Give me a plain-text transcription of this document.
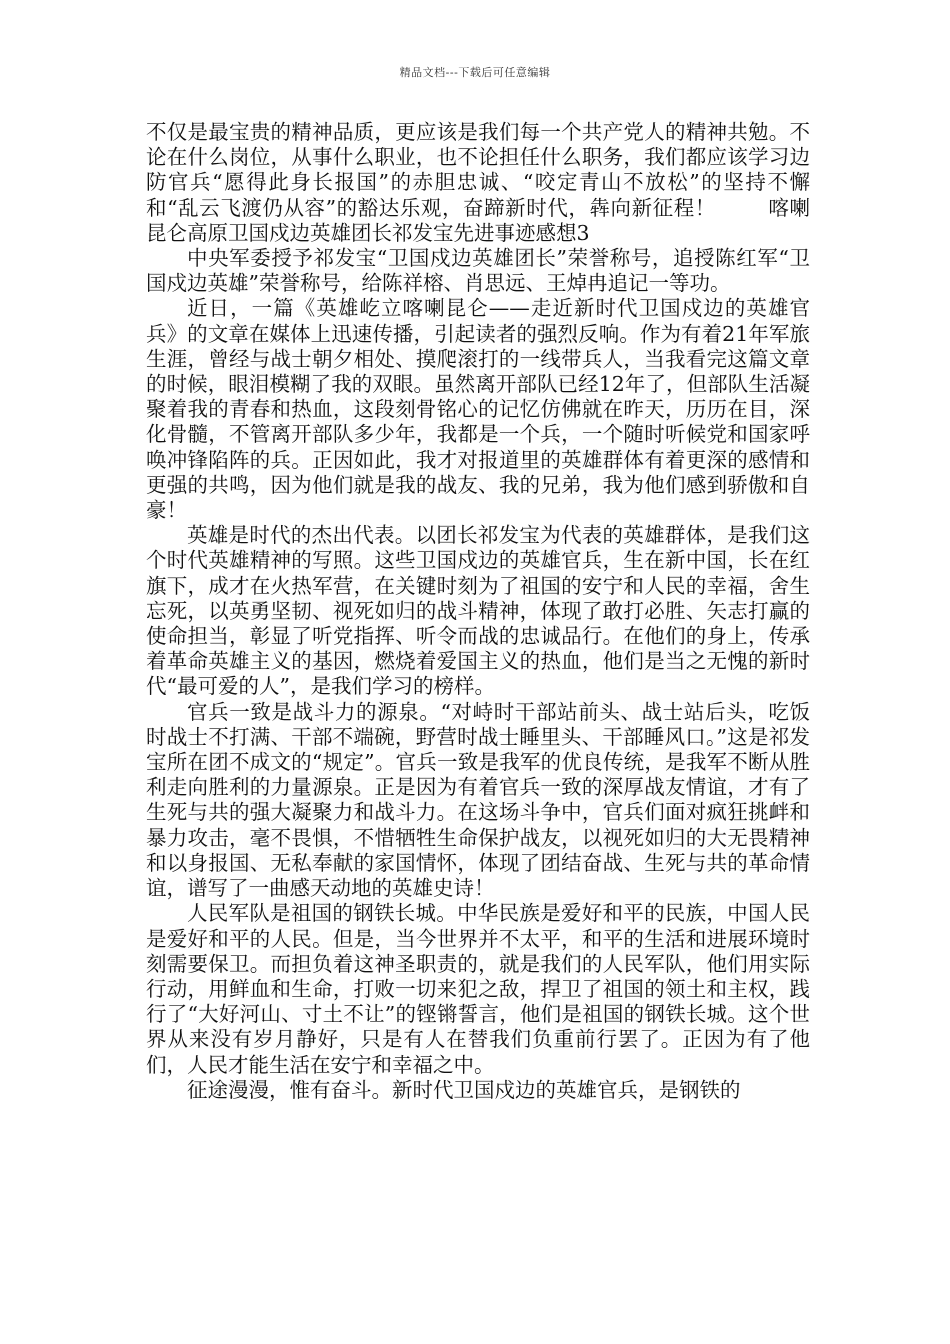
精品文档---下载后可任意编辑

不仅是最宝贵的精神品质，更应该是我们每一个共产党人的精神共勉。不论在什么岗位，从事什么职业，也不论担任什么职务，我们都应该学习边防官兵“愿得此身长报国”的赤胆忠诚、“咬定青山不放松”的坚持不懈和“乱云飞渡仍从容”的豁达乐观，奋蹄新时代，犇向新征程！	喀喇昆仑高原卫国戍边英雄团长祁发宝先进事迹感想3

中央军委授予祁发宝“卫国戍边英雄团长”荣誉称号，追授陈红军“卫国戍边英雄”荣誉称号，给陈祥榕、肖思远、王焯冉追记一等功。

近日，一篇《英雄屹立喀喇昆仑——走近新时代卫国戍边的英雄官兵》的文章在媒体上迅速传播，引起读者的强烈反响。作为有着21年军旅生涯，曾经与战士朝夕相处、摸爬滚打的一线带兵人，当我看完这篇文章的时候，眼泪模糊了我的双眼。虽然离开部队已经12年了，但部队生活凝聚着我的青春和热血，这段刻骨铭心的记忆仿佛就在昨天，历历在目，深化骨髓，不管离开部队多少年，我都是一个兵，一个随时听候党和国家呼唤冲锋陷阵的兵。正因如此，我才对报道里的英雄群体有着更深的感情和更强的共鸣，因为他们就是我的战友、我的兄弟，我为他们感到骄傲和自豪！

英雄是时代的杰出代表。以团长祁发宝为代表的英雄群体，是我们这个时代英雄精神的写照。这些卫国戍边的英雄官兵，生在新中国，长在红旗下，成才在火热军营，在关键时刻为了祖国的安宁和人民的幸福，舍生忘死，以英勇坚韧、视死如归的战斗精神，体现了敢打必胜、矢志打赢的使命担当，彰显了听党指挥、听令而战的忠诚品行。在他们的身上，传承着革命英雄主义的基因，燃烧着爱国主义的热血，他们是当之无愧的新时代“最可爱的人”，是我们学习的榜样。

官兵一致是战斗力的源泉。“对峙时干部站前头、战士站后头，吃饭时战士不打满、干部不端碗，野营时战士睡里头、干部睡风口。”这是祁发宝所在团不成文的“规定”。官兵一致是我军的优良传统，是我军不断从胜利走向胜利的力量源泉。正是因为有着官兵一致的深厚战友情谊，才有了生死与共的强大凝聚力和战斗力。在这场斗争中，官兵们面对疯狂挑衅和暴力攻击，毫不畏惧，不惜牺牲生命保护战友，以视死如归的大无畏精神和以身报国、无私奉献的家国情怀，体现了团结奋战、生死与共的革命情谊，谱写了一曲感天动地的英雄史诗！

人民军队是祖国的钢铁长城。中华民族是爱好和平的民族，中国人民是爱好和平的人民。但是，当今世界并不太平，和平的生活和进展环境时刻需要保卫。而担负着这神圣职责的，就是我们的人民军队，他们用实际行动，用鲜血和生命，打败一切来犯之敌，捍卫了祖国的领土和主权，践行了“大好河山、寸土不让”的铿锵誓言，他们是祖国的钢铁长城。这个世界从来没有岁月静好，只是有人在替我们负重前行罢了。正因为有了他们，人民才能生活在安宁和幸福之中。

征途漫漫，惟有奋斗。新时代卫国戍边的英雄官兵，是钢铁的
